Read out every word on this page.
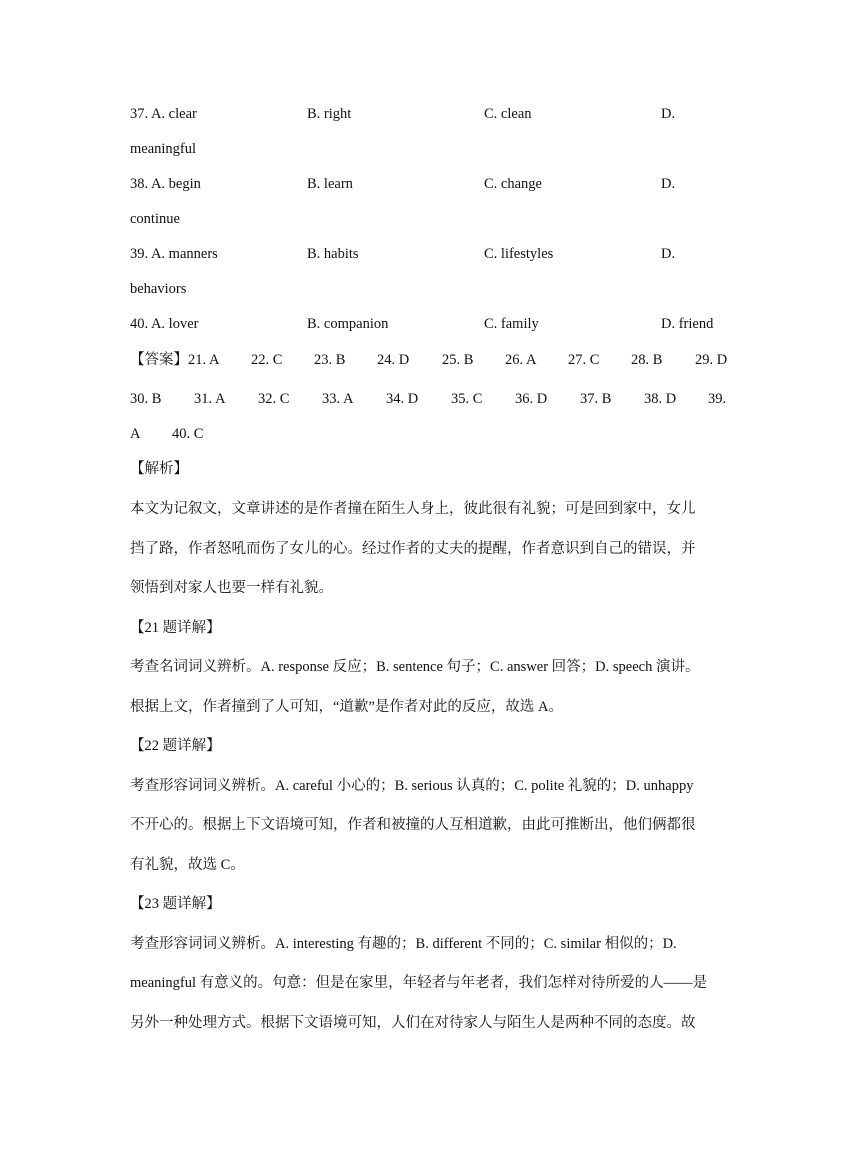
37. A. clear	B. right	C. clean	D.
meaningful
38. A. begin	B. learn	C. change	D.
continue
39. A. manners	B. habits	C. lifestyles	D.
behaviors
40. A. lover	B. companion	C. family	D. friend
【答案】 21. A 22. C 23. B 24. D 25. B 26. A 27. C 28. B 29. D
30. B 31. A 32. C 33. A 34. D 35. C 36. D 37. B 38. D 39.
A 40. C
【解析】
本文为记叙文，文章讲述的是作者撞在陌生人身上，彼此很有礼貌；可是回到家中，女儿
挡了路，作者怒吼而伤了女儿的心。经过作者的丈夫的提醒，作者意识到自己的错误，并
领悟到对家人也要一样有礼貌。
【21 题详解】
考查名词词义辨析。A. response 反应；B. sentence 句子；C. answer 回答；D. speech 演讲。
根据上文，作者撞到了人可知，“道歉”是作者对此的反应，故选 A。
【22 题详解】
考查形容词词义辨析。A. careful 小心的；B. serious 认真的；C. polite 礼貌的；D. unhappy
不开心的。根据上下文语境可知，作者和被撞的人互相道歉，由此可推断出，他们俩都很
有礼貌，故选 C。
【23 题详解】
考查形容词词义辨析。A. interesting 有趣的；B. different 不同的；C. similar 相似的；D.
meaningful 有意义的。句意：但是在家里，年轻者与年老者，我们怎样对待所爱的人——是
另外一种处理方式。根据下文语境可知，人们在对待家人与陌生人是两种不同的态度。故
